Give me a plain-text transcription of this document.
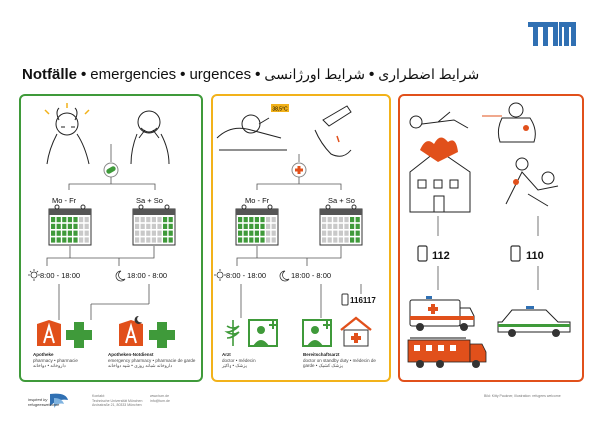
Notfälle • emergencies • urgences •	شرایط اضطراری•شرایط اورژانسی
Mo - Fr	Sa + So
8:00 - 18:00	18:00 - 8:00
Apotheke
pharmacy • pharmacie
داروخانه • دواخانه
Apotheken-Notdienst
emergency pharmacy • pharmacie de garde
داروخانه شبانه روزی • شپه دواخانه
38,5°C
Mo - Fr	Sa + So
8:00 - 18:00	18:00 - 8:00
116117
Arzt
doctor • médecin
پزشک • ډاکټر
Bereitschaftsarzt
doctor on standby duty • médecin de
garde • پزشک کشیک
112	110
inspired by
refugeeswelcome
Kontakt:
Technische Universität München
Arcisstraße 21, 80333 München
www.tum.de
info@tum.de
Bild: Kitty Paukner, Illustration: refugees welcome
